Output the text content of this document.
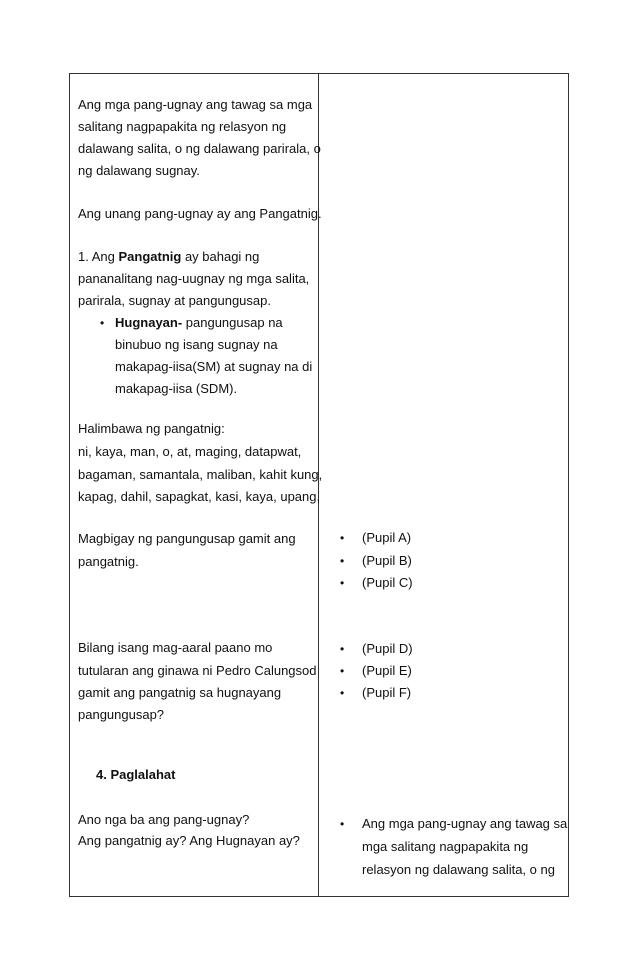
Ang mga pang-ugnay ang tawag sa mga
salitang nagpapakita ng relasyon ng
dalawang salita, o ng dalawang parirala, o
ng dalawang sugnay.
Ang unang pang-ugnay ay ang Pangatnig.
1. Ang Pangatnig ay bahagi ng
pananalitang nag-uugnay ng mga salita,
parirala, sugnay at pangungusap.
• Hugnayan- pangungusap na
binubuo ng isang sugnay na
makapag-iisa(SM) at sugnay na di
makapag-iisa (SDM).
Halimbawa ng pangatnig:
ni, kaya, man, o, at, maging, datapwat,
bagaman, samantala, maliban, kahit kung,
kapag, dahil, sapagkat, kasi, kaya, upang,
Magbigay ng pangungusap gamit ang
pangatnig.
Bilang isang mag-aaral paano mo
tutularan ang ginawa ni Pedro Calungsod
gamit ang pangatnig sa hugnayang
pangungusap?
4. Paglalahat
Ano nga ba ang pang-ugnay?
Ang pangatnig ay? Ang Hugnayan ay?
• (Pupil A)
• (Pupil B)
• (Pupil C)
• (Pupil D)
• (Pupil E)
• (Pupil F)
• Ang mga pang-ugnay ang tawag sa
mga salitang nagpapakita ng
relasyon ng dalawang salita, o ng
